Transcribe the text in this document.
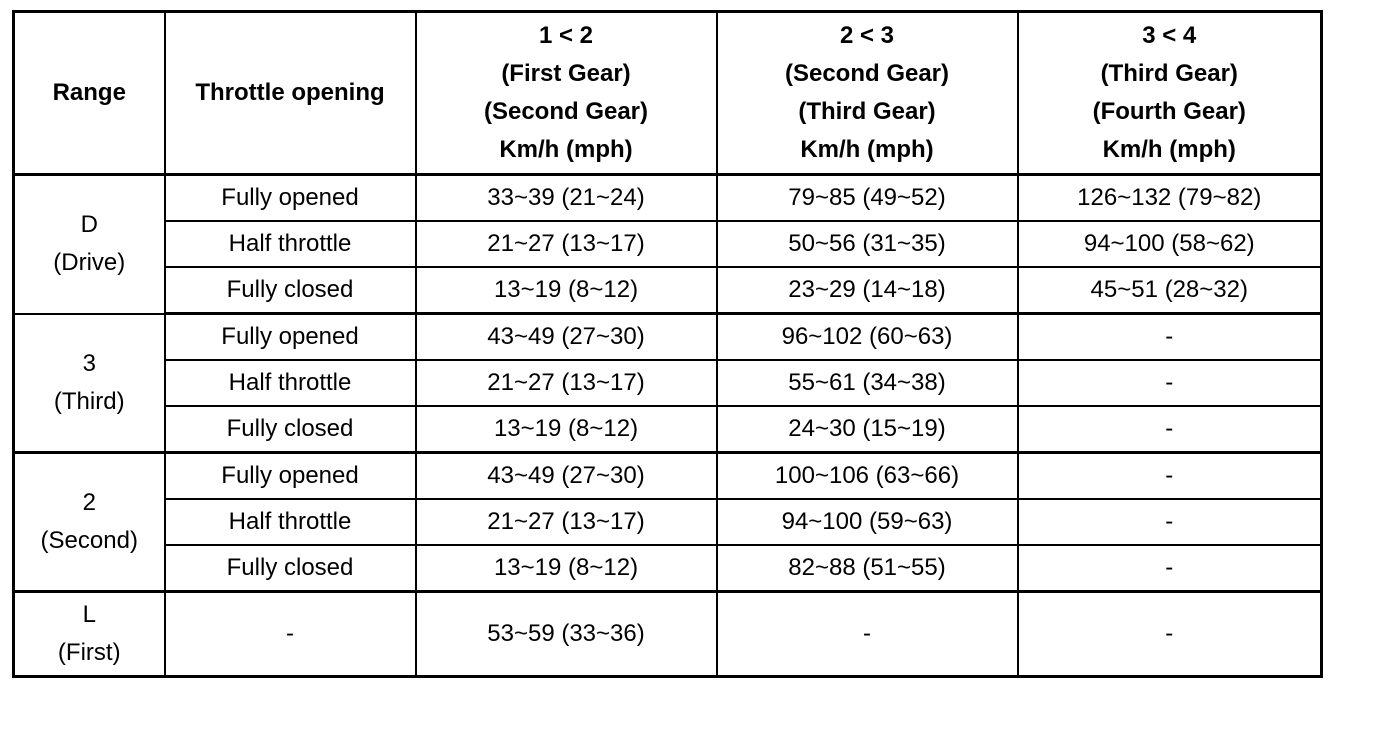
Range	Throttle opening	1 < 2
(First Gear)
(Second Gear)
Km/h (mph)	2 < 3
(Second Gear)
(Third Gear)
Km/h (mph)	3 < 4
(Third Gear)
(Fourth Gear)
Km/h (mph)

D
(Drive)	Fully opened	33~39 (21~24)	79~85 (49~52)	126~132 (79~82)
	Half throttle	21~27 (13~17)	50~56 (31~35)	94~100 (58~62)
	Fully closed	13~19 (8~12)	23~29 (14~18)	45~51 (28~32)

3
(Third)	Fully opened	43~49 (27~30)	96~102 (60~63)	-
	Half throttle	21~27 (13~17)	55~61 (34~38)	-
	Fully closed	13~19 (8~12)	24~30 (15~19)	-

2
(Second)	Fully opened	43~49 (27~30)	100~106 (63~66)	-
	Half throttle	21~27 (13~17)	94~100 (59~63)	-
	Fully closed	13~19 (8~12)	82~88 (51~55)	-

L
(First)	-	53~59 (33~36)	-	-
